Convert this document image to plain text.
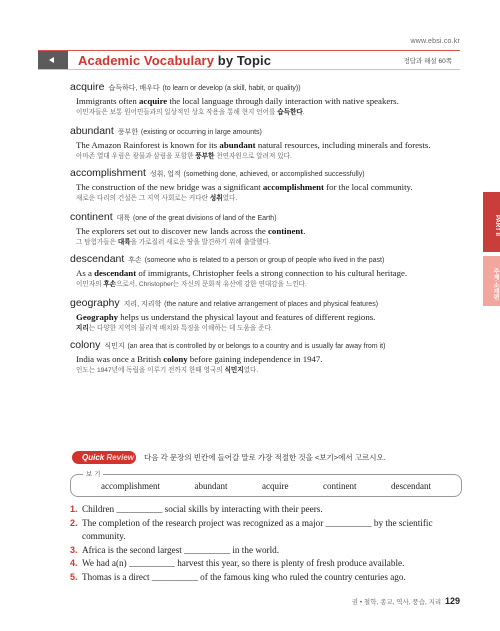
www.ebsi.co.kr
Academic Vocabulary by Topic	정답과 해설 60쪽
PART II
주제·소재편
acquire 습득하다, 배우다 (to learn or develop (a skill, habit, or quality))
Immigrants often acquire the local language through daily interaction with native speakers.
이민자들은 보통 원어민들과의 일상적인 상호 작용을 통해 현지 언어를 습득한다.
abundant 풍부한 (existing or occurring in large amounts)
The Amazon Rainforest is known for its abundant natural resources, including minerals and forests.
아마존 열대 우림은 광물과 삼림을 포함한 풍부한 천연자원으로 알려져 있다.
accomplishment 성취, 업적 (something done, achieved, or accomplished successfully)
The construction of the new bridge was a significant accomplishment for the local community.
새로운 다리의 건설은 그 지역 사회로는 커다란 성취였다.
continent 대륙 (one of the great divisions of land of the Earth)
The explorers set out to discover new lands across the continent.
그 탐험가들은 대륙을 가로질러 새로운 땅을 발견하기 위해 출발했다.
descendant 후손 (someone who is related to a person or group of people who lived in the past)
As a descendant of immigrants, Christopher feels a strong connection to his cultural heritage.
이민자의 후손으로서, Christopher는 자신의 문화적 유산에 강한 연대감을 느낀다.
geography 지리, 지리학 (the nature and relative arrangement of places and physical features)
Geography helps us understand the physical layout and features of different regions.
지리는 다양한 지역의 물리적 배치와 특징을 이해하는 데 도움을 준다.
colony 식민지 (an area that is controlled by or belongs to a country and is usually far away from it)
India was once a British colony before gaining independence in 1947.
인도는 1947년에 독립을 이루기 전까지 한때 영국의 식민지였다.
Quick Review 다음 각 문장의 빈칸에 들어갈 말로 가장 적절한 것을 <보기>에서 고르시오.
보 기
accomplishment	abundant	acquire	continent	descendant
1. Children __________ social skills by interacting with their peers.
2. The completion of the research project was recognized as a major __________ by the scientific
community.
3. Africa is the second largest __________ in the world.
4. We had a(n) __________ harvest this year, so there is plenty of fresh produce available.
5. Thomas is a direct __________ of the famous king who ruled the country centuries ago.
권 • 철학, 종교, 역사, 풍습, 지리 129
